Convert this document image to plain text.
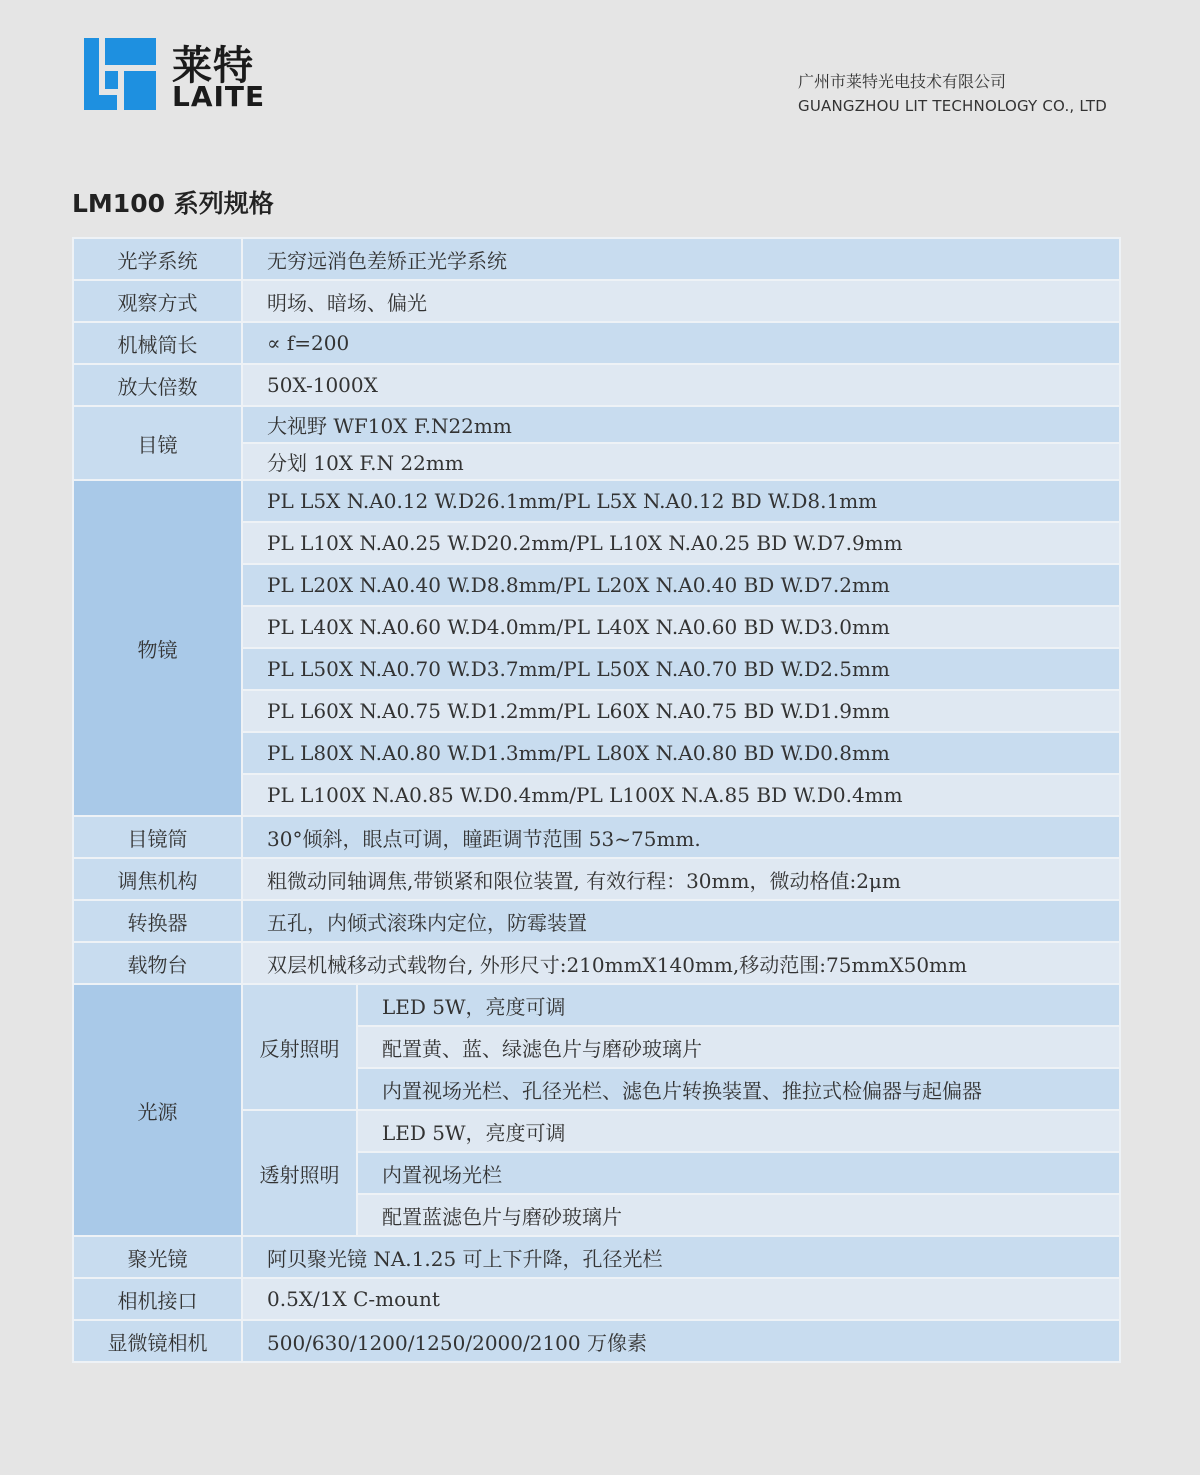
莱特
LAITE	广州市莱特光电技术有限公司
GUANGZHOU LIT TECHNOLOGY CO., LTD
LM100 系列规格
光学系统	无穷远消色差矫正光学系统	
观察方式	明场、暗场、偏光	
机械筒长	∝ f=200	
放大倍数	50X-1000X	
目镜	大视野 WF10X F.N22mm	
	分划 10X F.N 22mm	
物镜	PL L5X N.A0.12 W.D26.1mm/PL L5X N.A0.12 BD W.D8.1mm	
	PL L10X N.A0.25 W.D20.2mm/PL L10X N.A0.25 BD W.D7.9mm	
	PL L20X N.A0.40 W.D8.8mm/PL L20X N.A0.40 BD W.D7.2mm	
	PL L40X N.A0.60 W.D4.0mm/PL L40X N.A0.60 BD W.D3.0mm	
	PL L50X N.A0.70 W.D3.7mm/PL L50X N.A0.70 BD W.D2.5mm	
	PL L60X N.A0.75 W.D1.2mm/PL L60X N.A0.75 BD W.D1.9mm	
	PL L80X N.A0.80 W.D1.3mm/PL L80X N.A0.80 BD W.D0.8mm	
	PL L100X N.A0.85 W.D0.4mm/PL L100X N.A.85 BD W.D0.4mm	
目镜筒	30°倾斜，眼点可调，瞳距调节范围 53~75mm.	
调焦机构	粗微动同轴调焦,带锁紧和限位装置, 有效行程：30mm，微动格值:2μm	
转换器	五孔，内倾式滚珠内定位，防霉装置	
载物台	双层机械移动式载物台, 外形尺寸:210mmX140mm,移动范围:75mmX50mm	
光源	反射照明	LED 5W，亮度可调
		配置黄、蓝、绿滤色片与磨砂玻璃片
		内置视场光栏、孔径光栏、滤色片转换装置、推拉式检偏器与起偏器
	透射照明	LED 5W，亮度可调
		内置视场光栏
		配置蓝滤色片与磨砂玻璃片
聚光镜	阿贝聚光镜 NA.1.25 可上下升降，孔径光栏	
相机接口	0.5X/1X C-mount	
显微镜相机	500/630/1200/1250/2000/2100 万像素	
